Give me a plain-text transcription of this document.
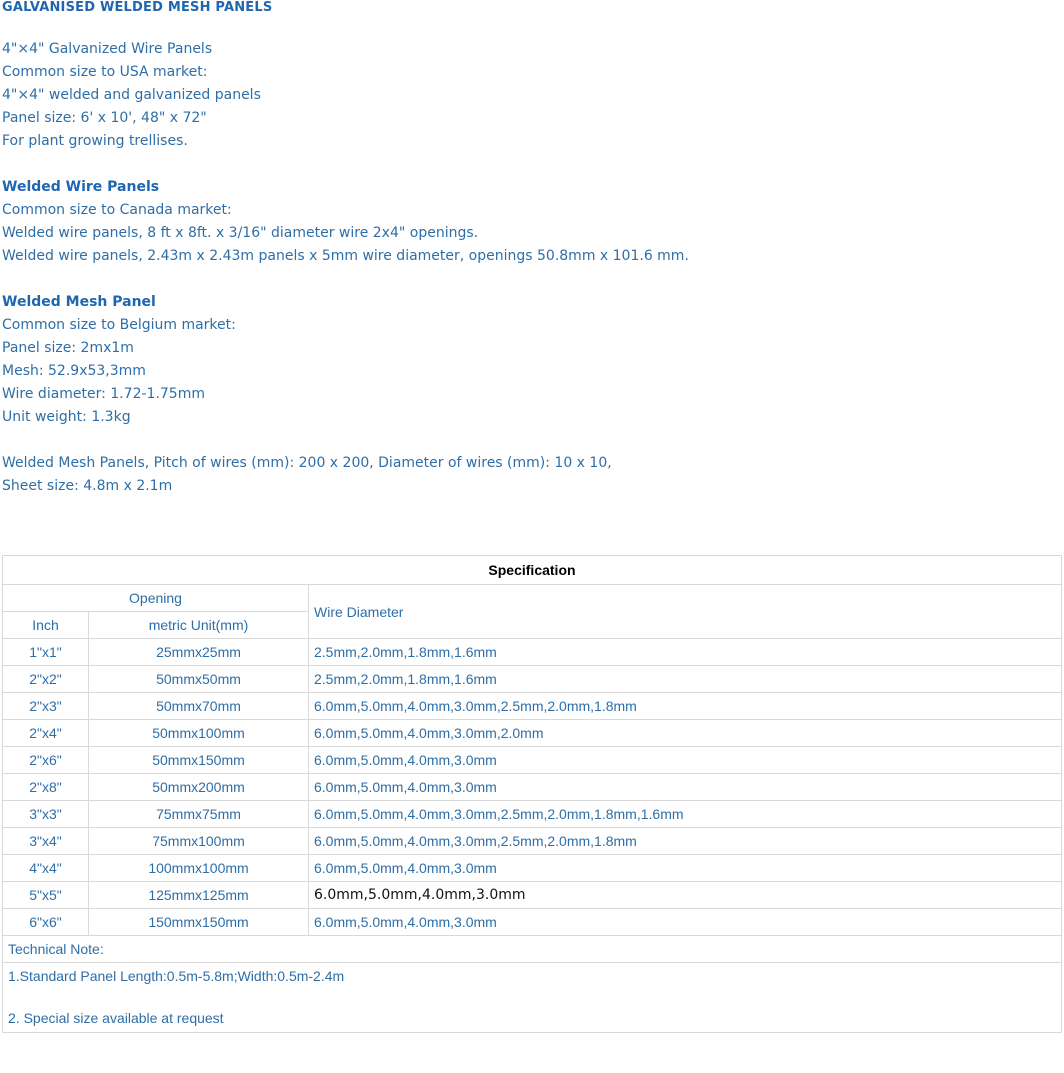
GALVANISED WELDED MESH PANELS

4"×4" Galvanized Wire Panels

Common size to USA market:

4"×4" welded and galvanized panels

Panel size: 6' x 10', 48" x 72"

For plant growing trellises.

Welded Wire Panels

Common size to Canada market:

Welded wire panels, 8 ft x 8ft. x 3/16" diameter wire 2x4" openings.

Welded wire panels, 2.43m x 2.43m panels x 5mm wire diameter, openings 50.8mm x 101.6 mm.

Welded Mesh Panel

Common size to Belgium market:

Panel size: 2mx1m

Mesh: 52.9x53,3mm

Wire diameter: 1.72-1.75mm

Unit weight: 1.3kg

Welded Mesh Panels, Pitch of wires (mm): 200 x 200, Diameter of wires (mm): 10 x 10,

Sheet size: 4.8m x 2.1m

Specification		
Opening		Wire Diameter
Inch	metric Unit(mm)	
1"x1"	25mmx25mm	2.5mm,2.0mm,1.8mm,1.6mm
2"x2"	50mmx50mm	2.5mm,2.0mm,1.8mm,1.6mm
2"x3"	50mmx70mm	6.0mm,5.0mm,4.0mm,3.0mm,2.5mm,2.0mm,1.8mm
2"x4"	50mmx100mm	6.0mm,5.0mm,4.0mm,3.0mm,2.0mm
2"x6"	50mmx150mm	6.0mm,5.0mm,4.0mm,3.0mm
2"x8"	50mmx200mm	6.0mm,5.0mm,4.0mm,3.0mm
3"x3"	75mmx75mm	6.0mm,5.0mm,4.0mm,3.0mm,2.5mm,2.0mm,1.8mm,1.6mm
3"x4"	75mmx100mm	6.0mm,5.0mm,4.0mm,3.0mm,2.5mm,2.0mm,1.8mm
4"x4"	100mmx100mm	6.0mm,5.0mm,4.0mm,3.0mm
5"x5"	125mmx125mm	6.0mm,5.0mm,4.0mm,3.0mm
6"x6"	150mmx150mm	6.0mm,5.0mm,4.0mm,3.0mm
Technical Note:		

1.Standard Panel Length:0.5m-5.8m;Width:0.5m-2.4m
2. Special size available at request		
